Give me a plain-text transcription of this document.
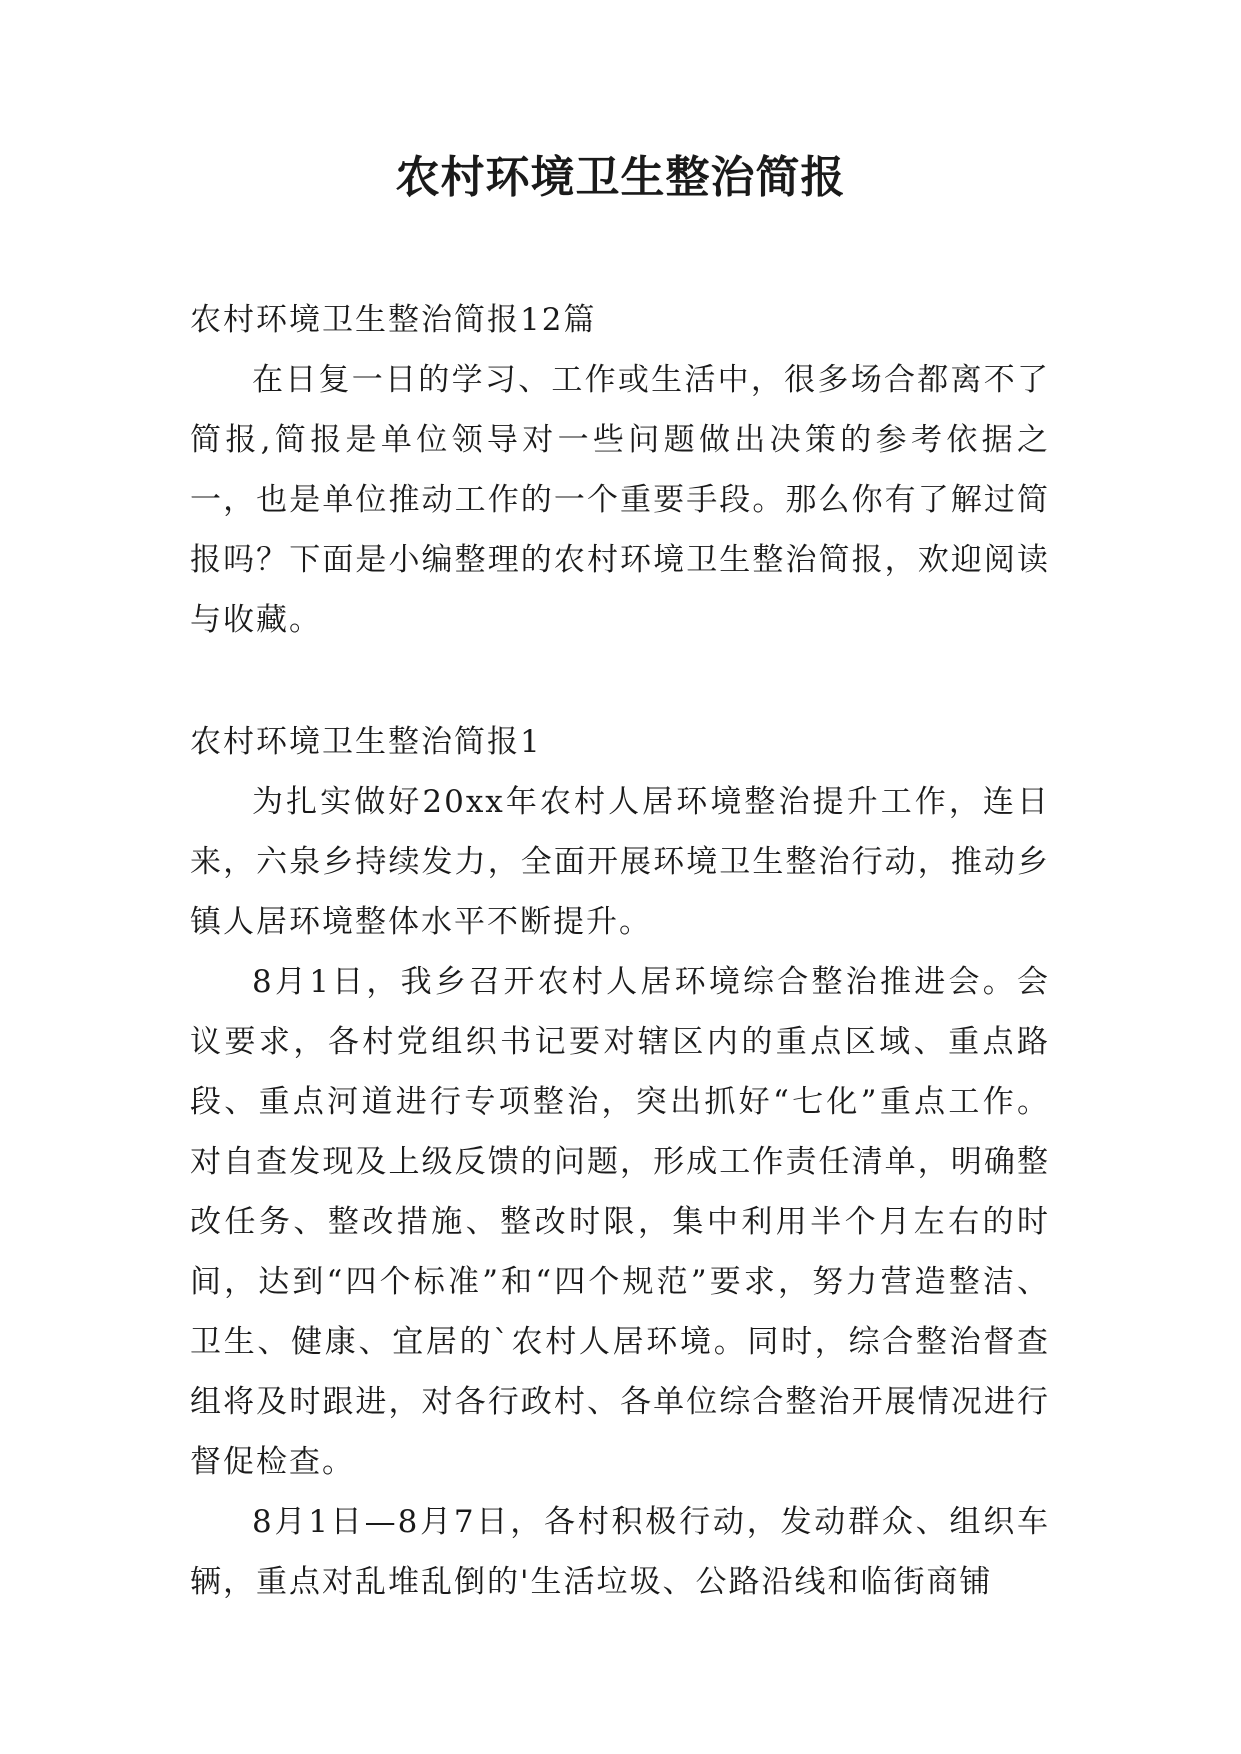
农村环境卫生整治简报

农村环境卫生整治简报12篇

在日复一日的学习、工作或生活中，很多场合都离不了简报,简报是单位领导对一些问题做出决策的参考依据之一，也是单位推动工作的一个重要手段。那么你有了解过简报吗？下面是小编整理的农村环境卫生整治简报，欢迎阅读与收藏。

农村环境卫生整治简报1

为扎实做好20xx年农村人居环境整治提升工作，连日来，六泉乡持续发力，全面开展环境卫生整治行动，推动乡镇人居环境整体水平不断提升。

8月1日，我乡召开农村人居环境综合整治推进会。会议要求，各村党组织书记要对辖区内的重点区域、重点路段、重点河道进行专项整治，突出抓好“七化”重点工作。对自查发现及上级反馈的问题，形成工作责任清单，明确整改任务、整改措施、整改时限，集中利用半个月左右的时间，达到“四个标准”和“四个规范”要求，努力营造整洁、卫生、健康、宜居的`农村人居环境。同时，综合整治督查组将及时跟进，对各行政村、各单位综合整治开展情况进行督促检查。

8月1日—8月7日，各村积极行动，发动群众、组织车辆，重点对乱堆乱倒的'生活垃圾、公路沿线和临街商铺
